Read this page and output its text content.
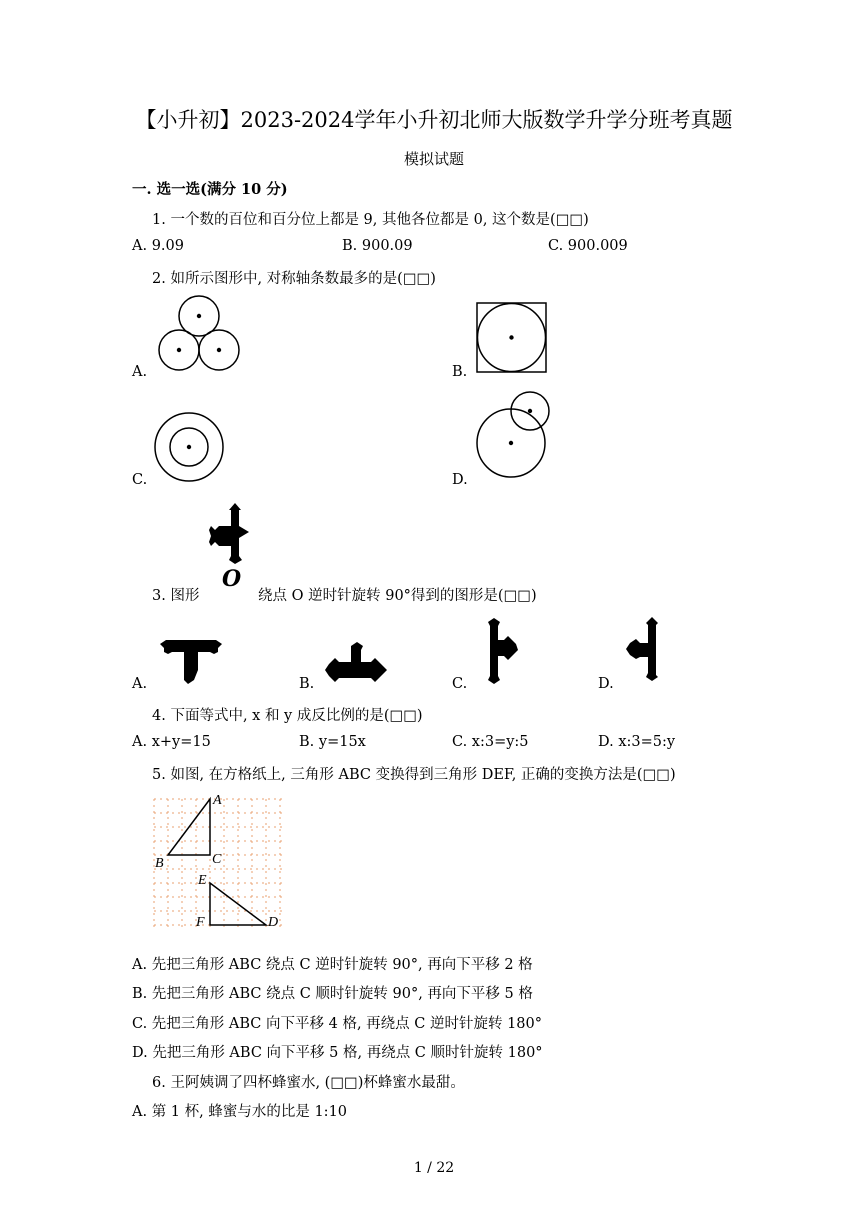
【小升初】2023-2024学年小升初北师大版数学升学分班考真题
模拟试题
一. 选一选(满分 10 分)
1. 一个数的百位和百分位上都是 9, 其他各位都是 0, 这个数是(□□)
A. 9.09	B. 900.09	C. 900.009
2. 如所示图形中, 对称轴条数最多的是(□□)
A.	B.
C.	D.
O
3. 图形	绕点 O 逆时针旋转 90°得到的图形是(□□)
A.	B.	C.	D.
4. 下面等式中, x 和 y 成反比例的是(□□)
A. x+y=15	B. y=15x	C. x:3=y:5	D. x:3=5:y
5. 如图, 在方格纸上, 三角形 ABC 变换得到三角形 DEF, 正确的变换方法是(□□)
A
B	C
E
F	D
A. 先把三角形 ABC 绕点 C 逆时针旋转 90°, 再向下平移 2 格
B. 先把三角形 ABC 绕点 C 顺时针旋转 90°, 再向下平移 5 格
C. 先把三角形 ABC 向下平移 4 格, 再绕点 C 逆时针旋转 180°
D. 先把三角形 ABC 向下平移 5 格, 再绕点 C 顺时针旋转 180°
6. 王阿姨调了四杯蜂蜜水, (□□)杯蜂蜜水最甜。
A. 第 1 杯, 蜂蜜与水的比是 1:10
1 / 22
